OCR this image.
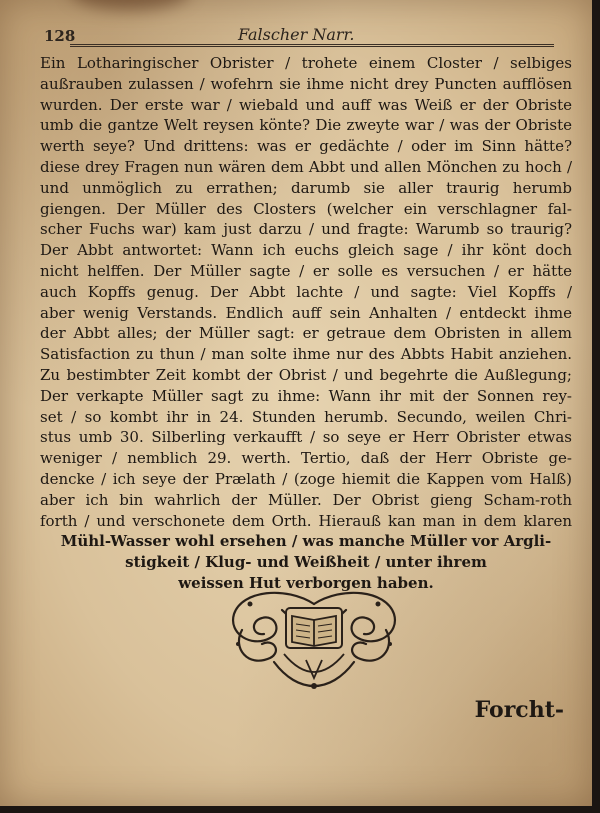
128	Falscher Narr.
Ein Lotharingischer Obrister / trohete einem Closter / selbiges
außrauben zulassen / wofehrn sie ihme nicht drey Puncten aufflösen
wurden. Der erste war / wiebald und auff was Weiß er der Obriste
umb die gantze Welt reysen könte? Die zweyte war / was der Obriste
werth seye? Und drittens: was er gedächte / oder im Sinn hätte?
diese drey Fragen nun wären dem Abbt und allen Mönchen zu hoch /
und unmöglich zu errathen; darumb sie aller traurig herumb
giengen. Der Müller des Closters (welcher ein verschlagner fal-
scher Fuchs war) kam just darzu / und fragte: Warumb so traurig?
Der Abbt antwortet: Wann ich euchs gleich sage / ihr könt doch
nicht helffen. Der Müller sagte / er solle es versuchen / er hätte
auch Kopffs genug. Der Abbt lachte / und sagte: Viel Kopffs /
aber wenig Verstands. Endlich auff sein Anhalten / entdeckt ihme
der Abbt alles; der Müller sagt: er getraue dem Obristen in allem
Satisfaction zu thun / man solte ihme nur des Abbts Habit anziehen.
Zu bestimbter Zeit kombt der Obrist / und begehrte die Außlegung;
Der verkapte Müller sagt zu ihme: Wann ihr mit der Sonnen rey-
set / so kombt ihr in 24. Stunden herumb. Secundo, weilen Chri-
stus umb 30. Silberling verkaufft / so seye er Herr Obrister etwas
weniger / nemblich 29. werth. Tertio, daß der Herr Obriste ge-
dencke / ich seye der Prælath / (zoge hiemit die Kappen vom Halß)
aber ich bin wahrlich der Müller. Der Obrist gieng Scham-roth
forth / und verschonete dem Orth. Hierauß kan man in dem klaren
Mühl-Wasser wohl ersehen / was manche Müller vor Argli-
stigkeit / Klug- und Weißheit / unter ihrem
weissen Hut verborgen haben.
Forcht-
